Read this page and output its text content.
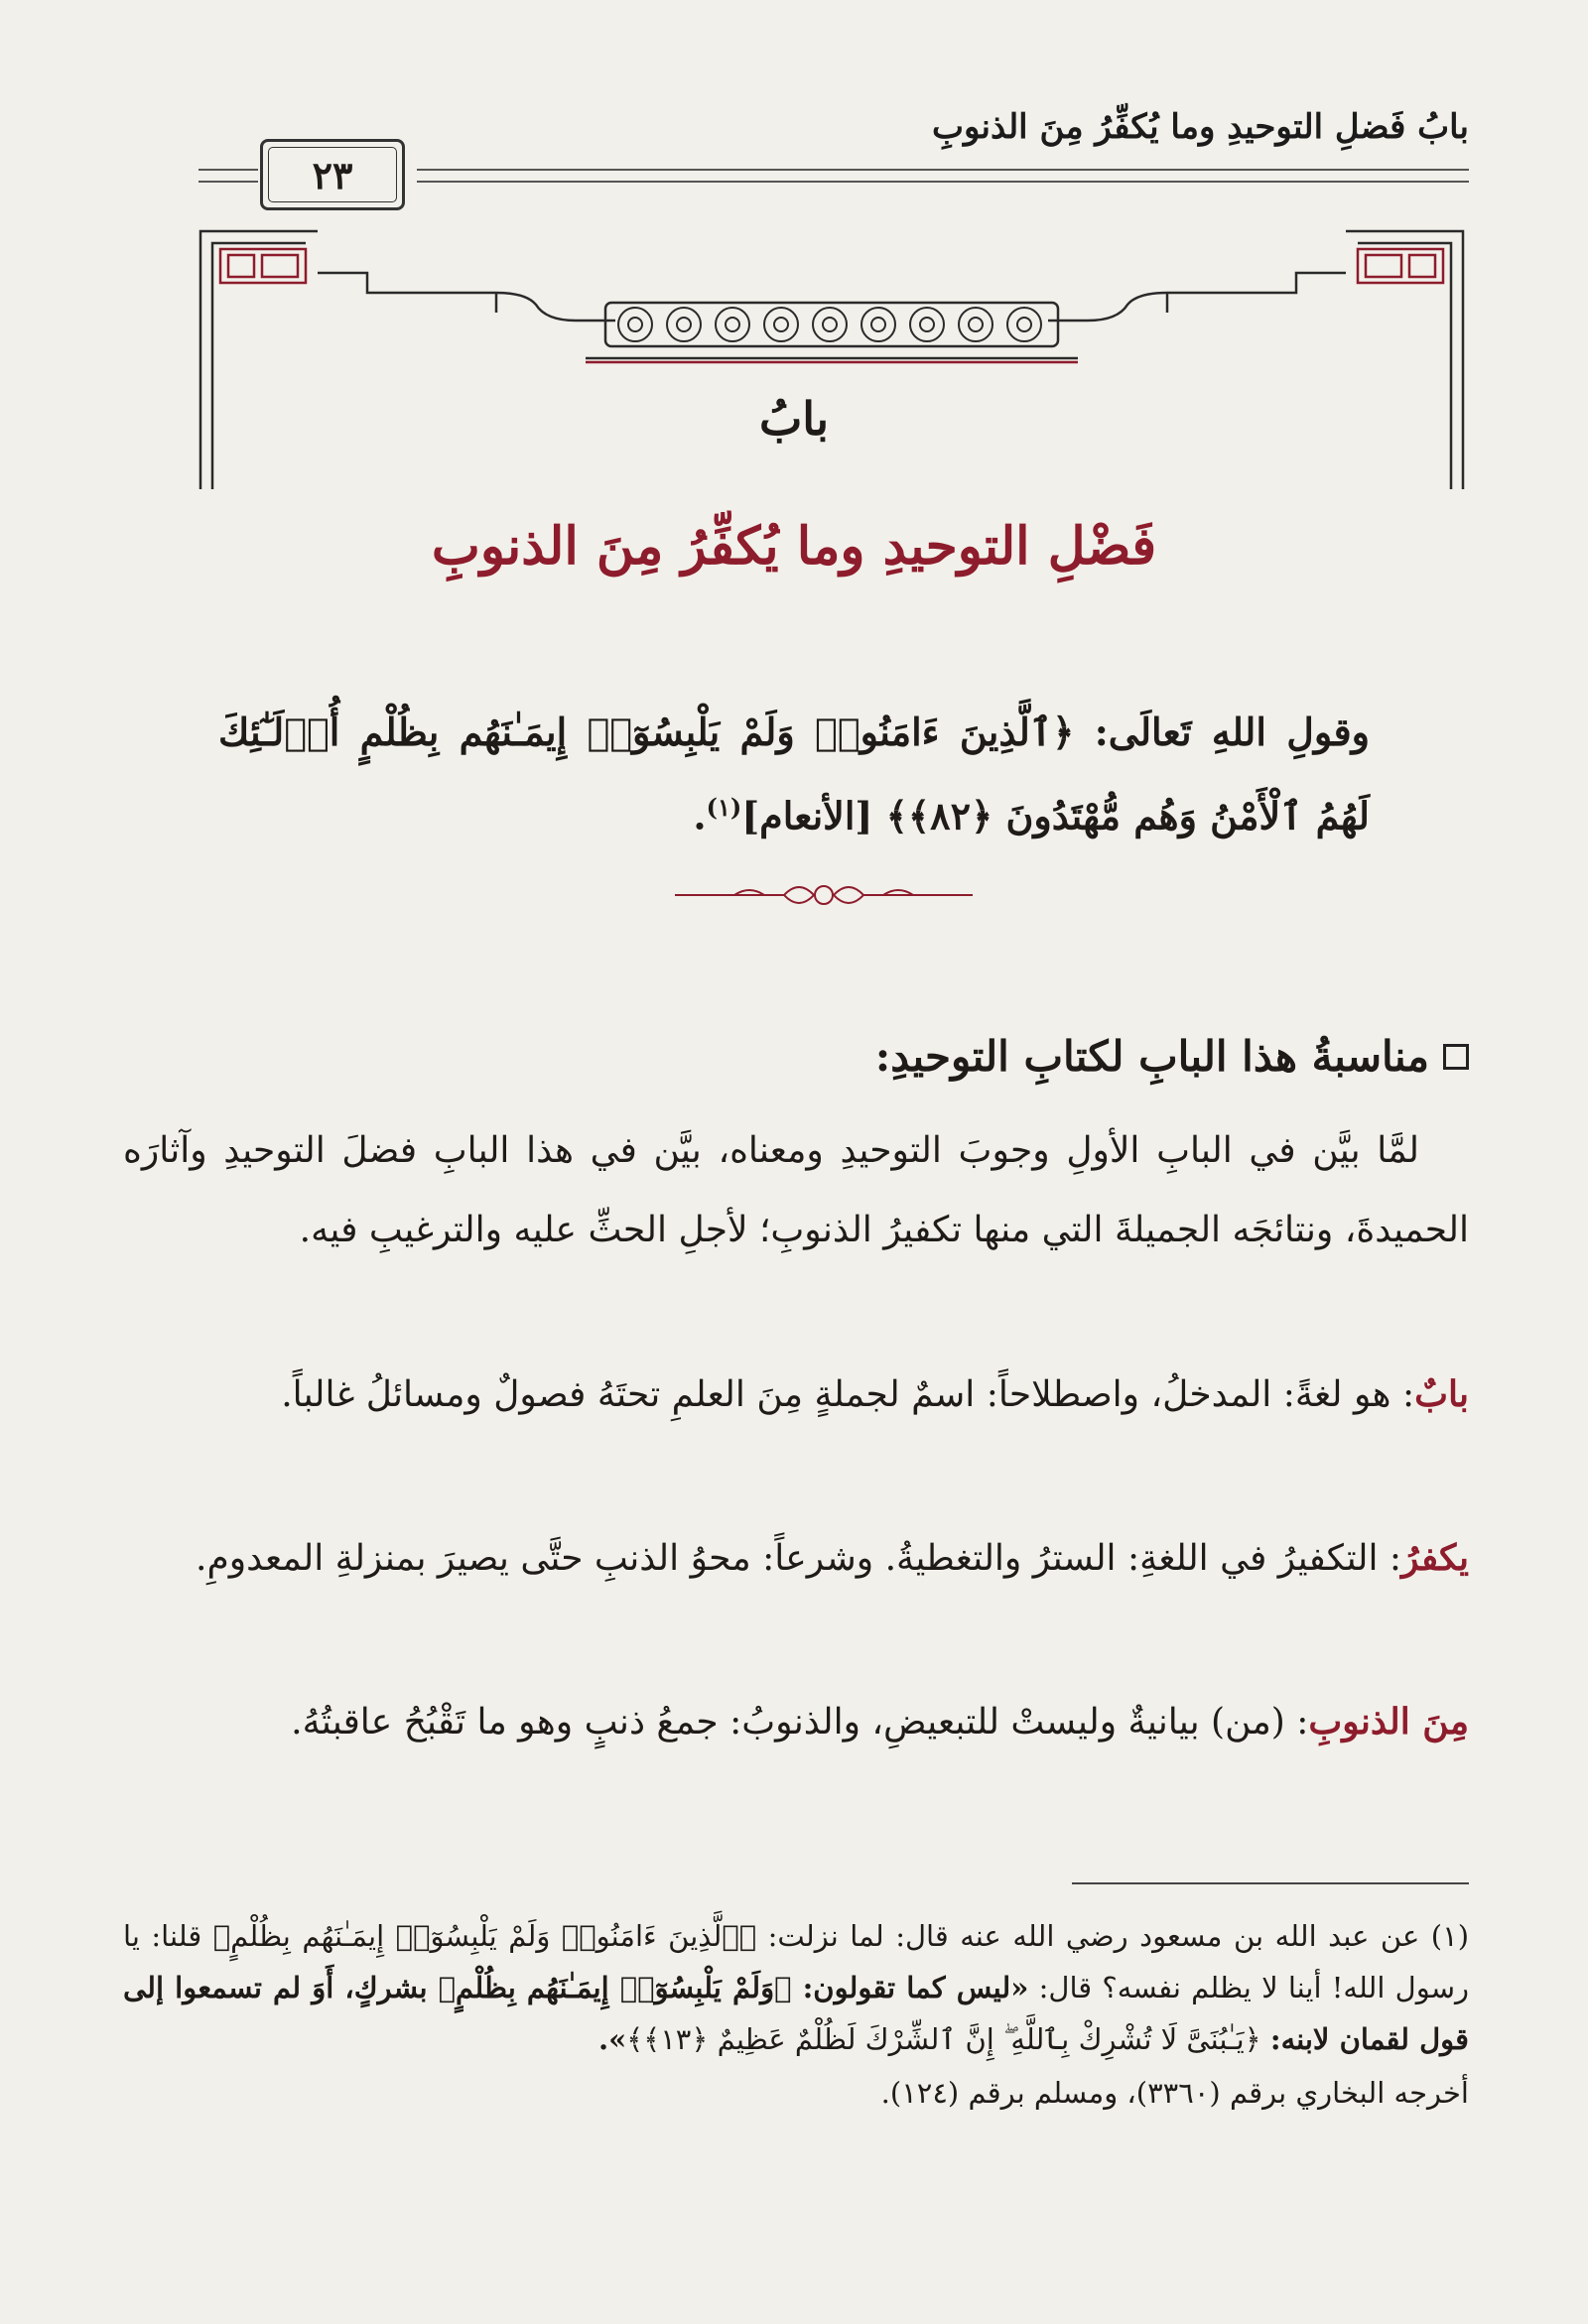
بابُ فَضلِ التوحيدِ وما يُكفِّرُ مِنَ الذنوبِ
٢٣
بابُ
فَضْلِ التوحيدِ وما يُكفِّرُ مِنَ الذنوبِ
وقولِ اللهِ تَعالَى: ﴿ٱلَّذِينَ ءَامَنُوا۟ وَلَمْ يَلْبِسُوٓا۟ إِيمَـٰنَهُم بِظُلْمٍ أُو۟لَـٰٓئِكَ لَهُمُ ٱلْأَمْنُ وَهُم مُّهْتَدُونَ ﴿٨٢﴾﴾ [الأنعام]$^{(١)}$.
مناسبةُ هذا البابِ لكتابِ التوحيدِ:
لمَّا بيَّن في البابِ الأولِ وجوبَ التوحيدِ ومعناه، بيَّن في هذا البابِ فضلَ التوحيدِ وآثارَه الحميدةَ، ونتائجَه الجميلةَ التي منها تكفيرُ الذنوبِ؛ لأجلِ الحثِّ عليه والترغيبِ فيه.
بابٌ: هو لغةً: المدخلُ، واصطلاحاً: اسمٌ لجملةٍ مِنَ العلمِ تحتَهُ فصولٌ ومسائلُ غالباً.
يكفرُ: التكفيرُ في اللغةِ: السترُ والتغطيةُ. وشرعاً: محوُ الذنبِ حتَّى يصيرَ بمنزلةِ المعدومِ.
مِنَ الذنوبِ: (من) بيانيةٌ وليستْ للتبعيضِ، والذنوبُ: جمعُ ذنبٍ وهو ما تَقْبُحُ عاقبتُهُ.
(١) عن عبد الله بن مسعود رضي الله عنه قال: لما نزلت: ﴿ٱلَّذِينَ ءَامَنُوا۟ وَلَمْ يَلْبِسُوٓا۟ إِيمَـٰنَهُم بِظُلْمٍ﴾ قلنا: يا رسول الله! أينا لا يظلم نفسه؟ قال: «ليس كما تقولون: ﴿وَلَمْ يَلْبِسُوٓا۟ إِيمَـٰنَهُم بِظُلْمٍ﴾ بشركٍ، أَوَ لم تسمعوا إلى قول لقمان لابنه: ﴿يَـٰبُنَىَّ لَا تُشْرِكْ بِٱللَّهِ ۖ إِنَّ ٱلشِّرْكَ لَظُلْمٌ عَظِيمٌ ﴿١٣﴾﴾».
أخرجه البخاري برقم (٣٣٦٠)، ومسلم برقم (١٢٤).
